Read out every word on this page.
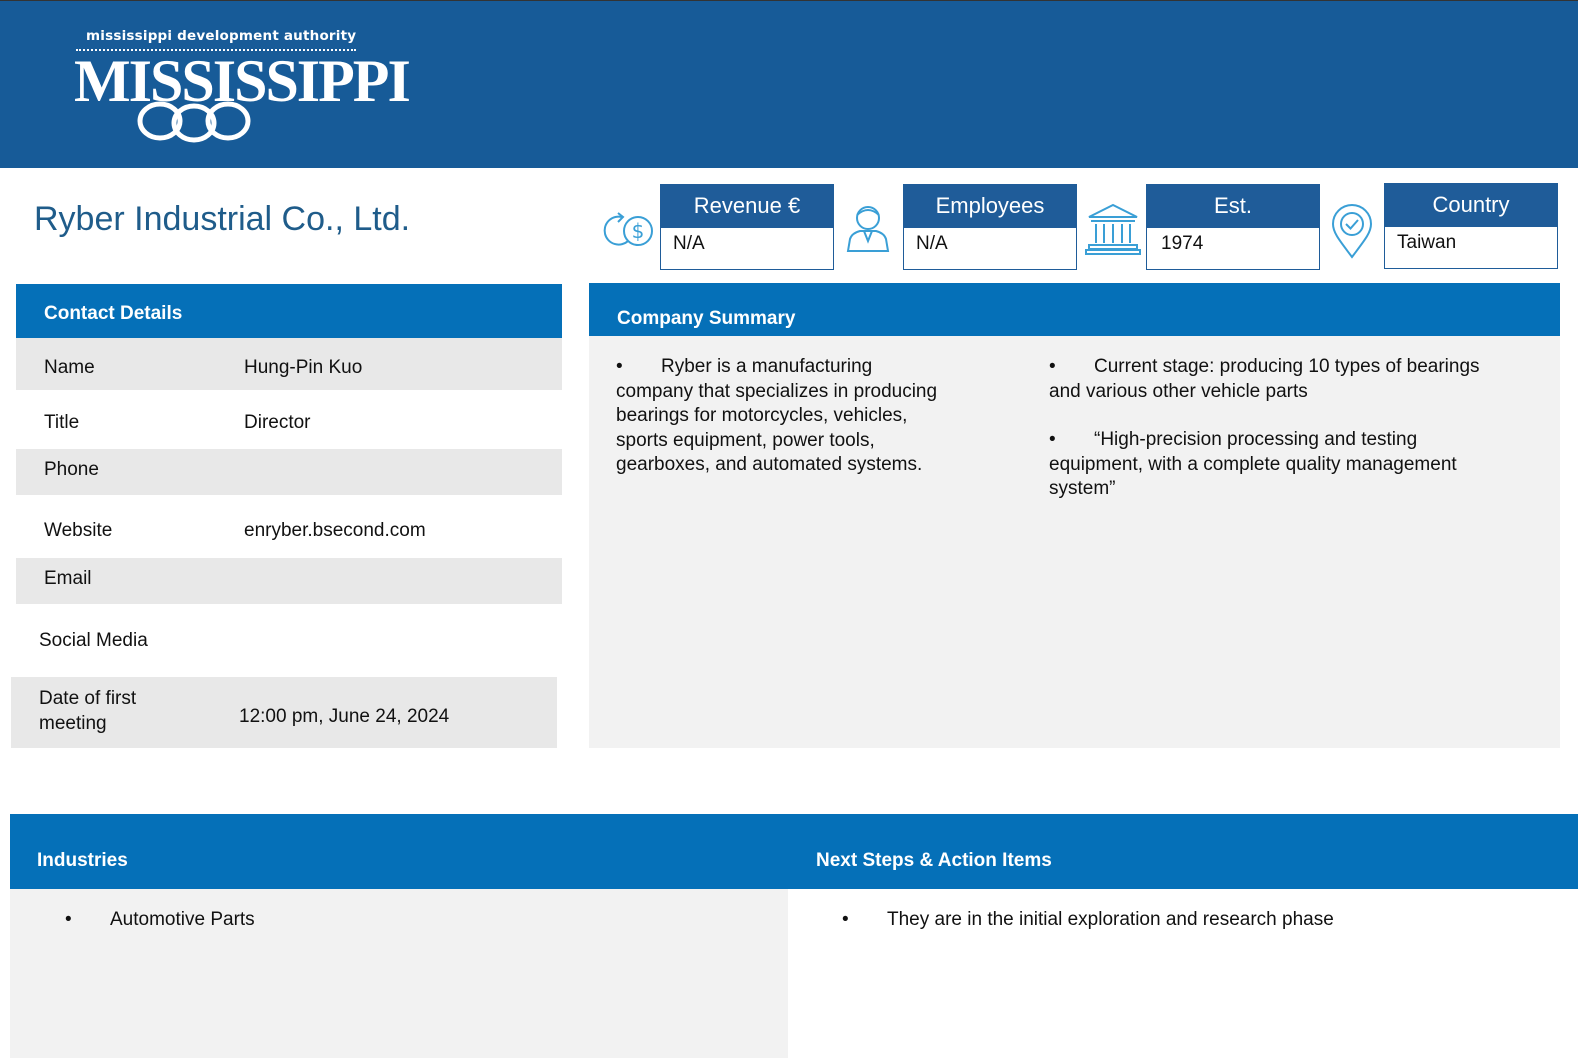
mississippi development authority
MISSISSIPPI
Ryber Industrial Co., Ltd.	$
Revenue €
N/A
Employees
N/A
Est.
1974
Country
Taiwan
Contact Details
Name	Hung-Pin Kuo
Title	Director
Phone
Website	enryber.bsecond.com
Email
Social Media
Date of first meeting	12:00 pm, June 24, 2024
Company Summary
• Ryber is a manufacturing company that specializes in producing bearings for motorcycles, vehicles, sports equipment, power tools, gearboxes, and automated systems.
• Current stage: producing 10 types of bearings and various other vehicle parts
• “High-precision processing and testing equipment, with a complete quality management system”
Industries	Next Steps & Action Items
• Automotive Parts	• They are in the initial exploration and research phase
